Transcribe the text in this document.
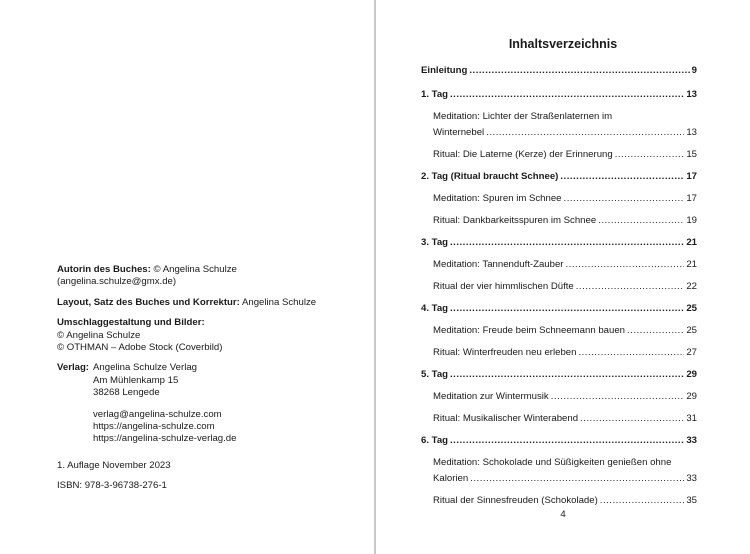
Autorin des Buches: © Angelina Schulze
(angelina.schulze@gmx.de)
Layout, Satz des Buches und Korrektur: Angelina Schulze
Umschlaggestaltung und Bilder:
© Angelina Schulze
© OTHMAN – Adobe Stock (Coverbild)
Verlag: Angelina Schulze Verlag
Am Mühlenkamp 15
38268 Lengede
verlag@angelina-schulze.com
https://angelina-schulze.com
https://angelina-schulze-verlag.de
1. Auflage November 2023
ISBN: 978-3-96738-276-1
Inhaltsverzeichnis
Einleitung .....	9
1. Tag .....	13
Meditation: Lichter der Straßenlaternen im
Winternebel .....	13
Ritual: Die Laterne (Kerze) der Erinnerung .....	15
2. Tag (Ritual braucht Schnee) .....	17
Meditation: Spuren im Schnee .....	17
Ritual: Dankbarkeitsspuren im Schnee .....	19
3. Tag .....	21
Meditation: Tannenduft-Zauber .....	21
Ritual der vier himmlischen Düfte .....	22
4. Tag .....	25
Meditation: Freude beim Schneemann bauen .....	25
Ritual: Winterfreuden neu erleben .....	27
5. Tag .....	29
Meditation zur Wintermusik .....	29
Ritual: Musikalischer Winterabend .....	31
6. Tag .....	33
Meditation: Schokolade und Süßigkeiten genießen ohne
Kalorien .....	33
Ritual der Sinnesfreuden (Schokolade) .....	35
4
